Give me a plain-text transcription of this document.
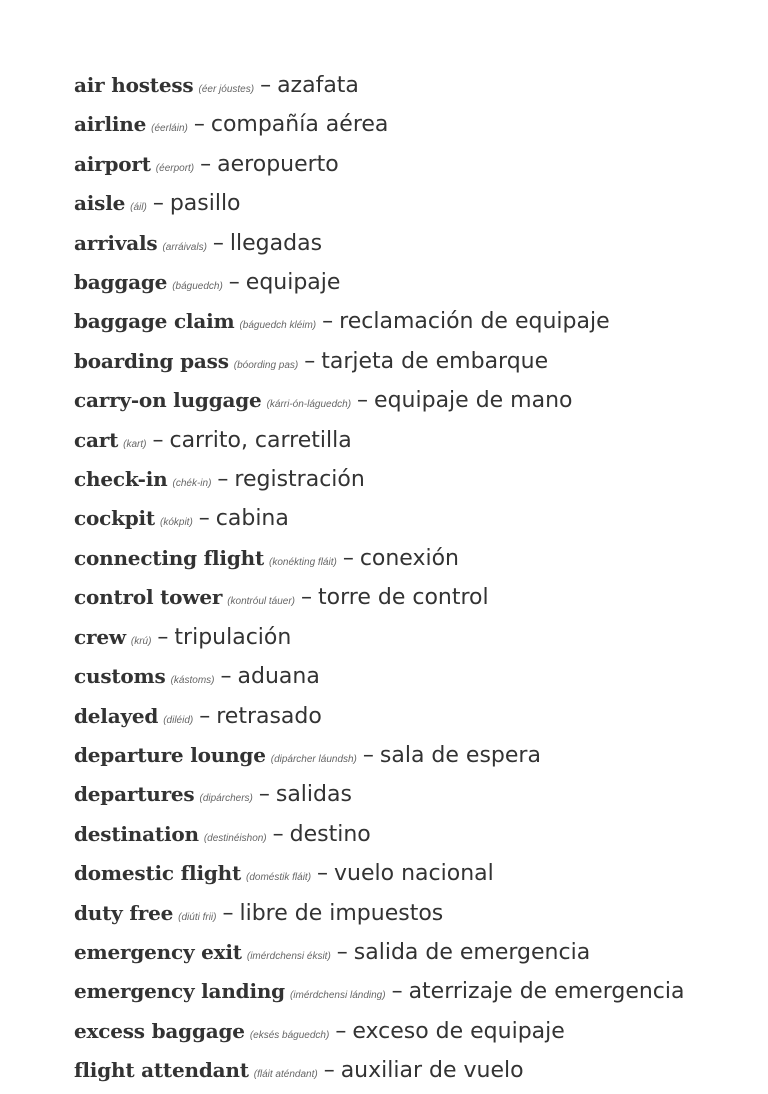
air hostess (éer jóustes) – azafata
airline (éerláin) – compañía aérea
airport (éerport) – aeropuerto
aisle (áil) – pasillo
arrivals (arráivals) – llegadas
baggage (báguedch) – equipaje
baggage claim (báguedch kléim) – reclamación de equipaje
boarding pass (bóording pas) – tarjeta de embarque
carry-on luggage (kárri-ón-láguedch) – equipaje de mano
cart (kart) – carrito, carretilla
check-in (chék-in) – registración
cockpit (kókpit) – cabina
connecting flight (konékting fláit) – conexión
control tower (kontróul táuer) – torre de control
crew (krú) – tripulación
customs (kástoms) – aduana
delayed (diléid) – retrasado
departure lounge (dipárcher láundsh) – sala de espera
departures (dipárchers) – salidas
destination (destinéishon) – destino
domestic flight (doméstik fláit) – vuelo nacional
duty free (diúti frii) – libre de impuestos
emergency exit (imérdchensi éksit) – salida de emergencia
emergency landing (imérdchensi lánding) – aterrizaje de emergencia
excess baggage (eksés báguedch) – exceso de equipaje
flight attendant (fláit aténdant) – auxiliar de vuelo
